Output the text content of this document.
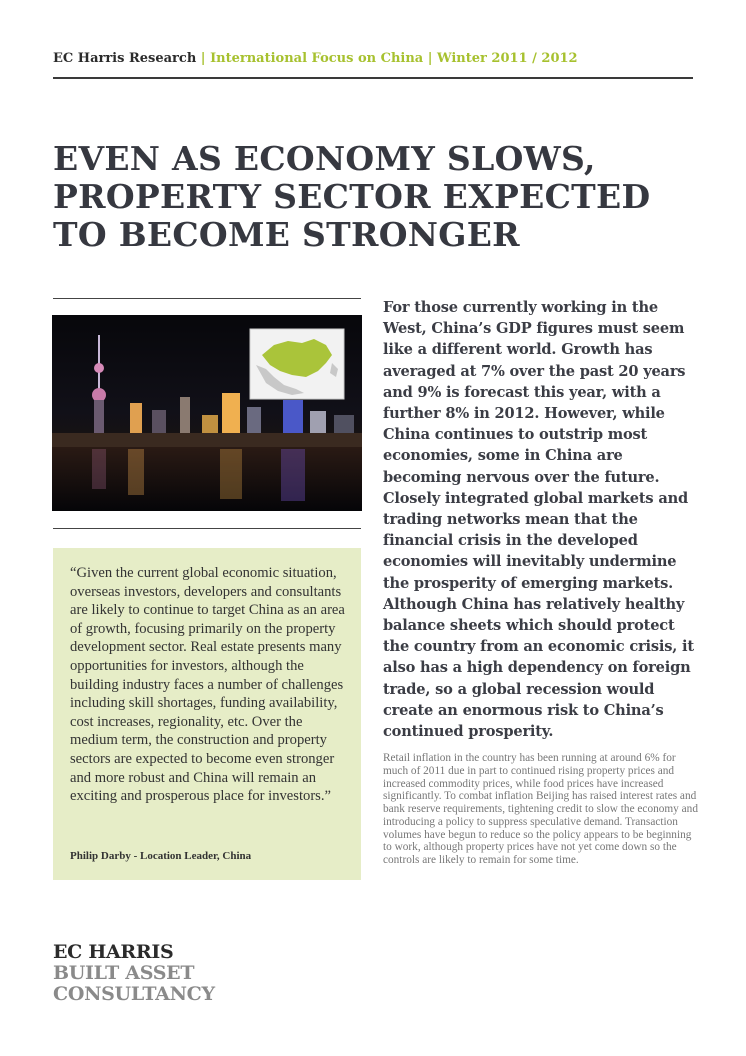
EC Harris Research | International Focus on China | Winter 2011 / 2012
EVEN AS ECONOMY SLOWS, PROPERTY SECTOR EXPECTED TO BECOME STRONGER

“Given the current global economic situation, overseas investors, developers and consultants are likely to continue to target China as an area of growth, focusing primarily on the property development sector. Real estate presents many opportunities for investors, although the building industry faces a number of challenges including skill shortages, funding availability, cost increases, regionality, etc. Over the medium term, the construction and property sectors are expected to become even stronger and more robust and China will remain an exciting and prosperous place for investors.”

Philip Darby - Location Leader, China

For those currently working in the West, China’s GDP figures must seem like a different world. Growth has averaged at 7% over the past 20 years and 9% is forecast this year, with a further 8% in 2012. However, while China continues to outstrip most economies, some in China are becoming nervous over the future. Closely integrated global markets and trading networks mean that the financial crisis in the developed economies will inevitably undermine the prosperity of emerging markets. Although China has relatively healthy balance sheets which should protect the country from an economic crisis, it also has a high dependency on foreign trade, so a global recession would create an enormous risk to China’s continued prosperity.

Retail inflation in the country has been running at around 6% for much of 2011 due in part to continued rising property prices and increased commodity prices, while food prices have increased significantly. To combat inflation Beijing has raised interest rates and bank reserve requirements, tightening credit to slow the economy and introducing a policy to suppress speculative demand. Transaction volumes have begun to reduce so the policy appears to be beginning to work, although property prices have not yet come down so the controls are likely to remain for some time.

EC HARRIS
BUILT ASSET
CONSULTANCY
